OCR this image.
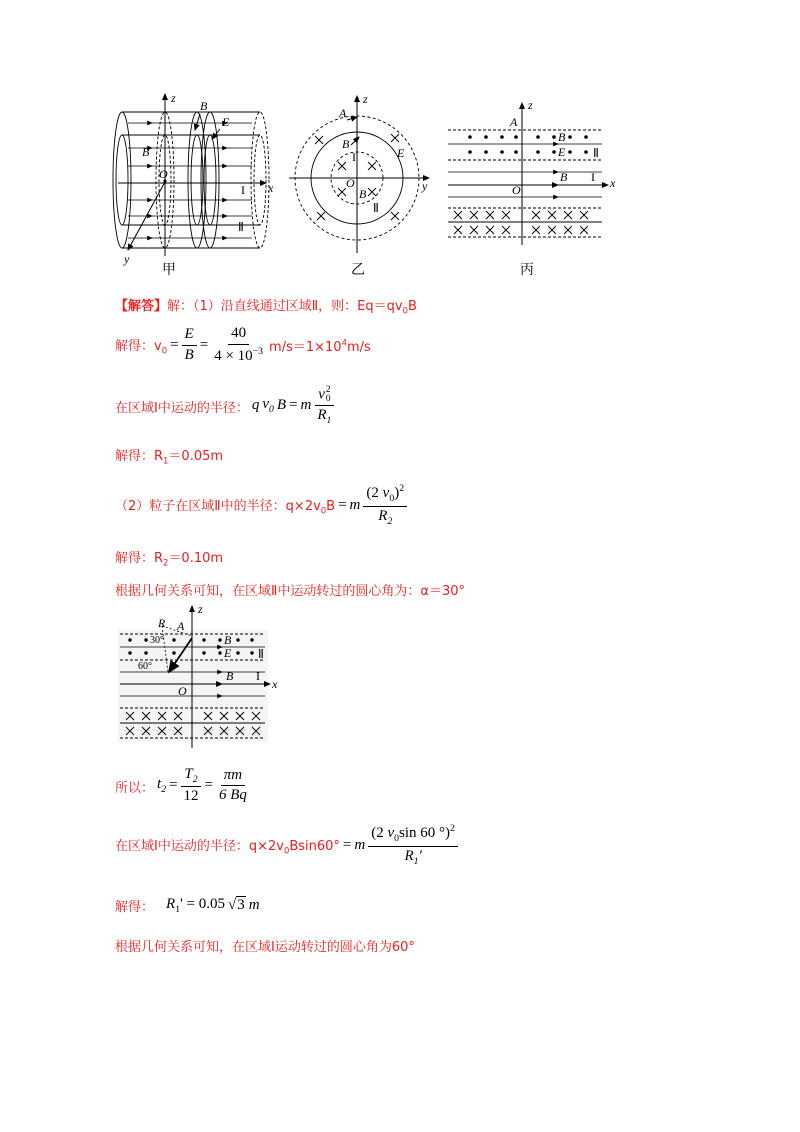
z
B
E
B
O
I x
Ⅱ
y
甲
A
z
B
E
I
O
B
Ⅱ
y
乙
A
z
B
E Ⅱ
B I
O	x
丙
【解答】解：（1）沿直线通过区域Ⅱ，则：$Eq=qv_0B$
解得：$v_0 = \frac{E}{B} = \frac{40}{4 \times 10^{-3}} m/s=1\times 10^4m/s$
在区域Ⅰ中运动的半径： q $v_0$ B = m v 2
0
$R_1$
解得：$R_1=0.05m$
（2）粒子在区域Ⅱ中的半径：$q\times 2v_0B = m \frac{(2 v_0)^2}{R_2}$
解得：$R_2=0.10m$
根据几何关系可知，在区域Ⅱ中运动转过的圆心角为：α＝30°
z
R A
30°	B
E Ⅱ
60°
B I
O	x
所以： $t_2 = \frac{T_2}{12} = \frac{\pi m}{6 Bq}$
在区域Ⅰ中运动的半径：$q\times 2v_0Bsin60^\circ = m \frac{(2 v_0\sin 60 ^\circ)^2}{R_1'}$
解得： $R_1' = 0.05$ √3 m
根据几何关系可知，在区域Ⅰ运动转过的圆心角为60°
